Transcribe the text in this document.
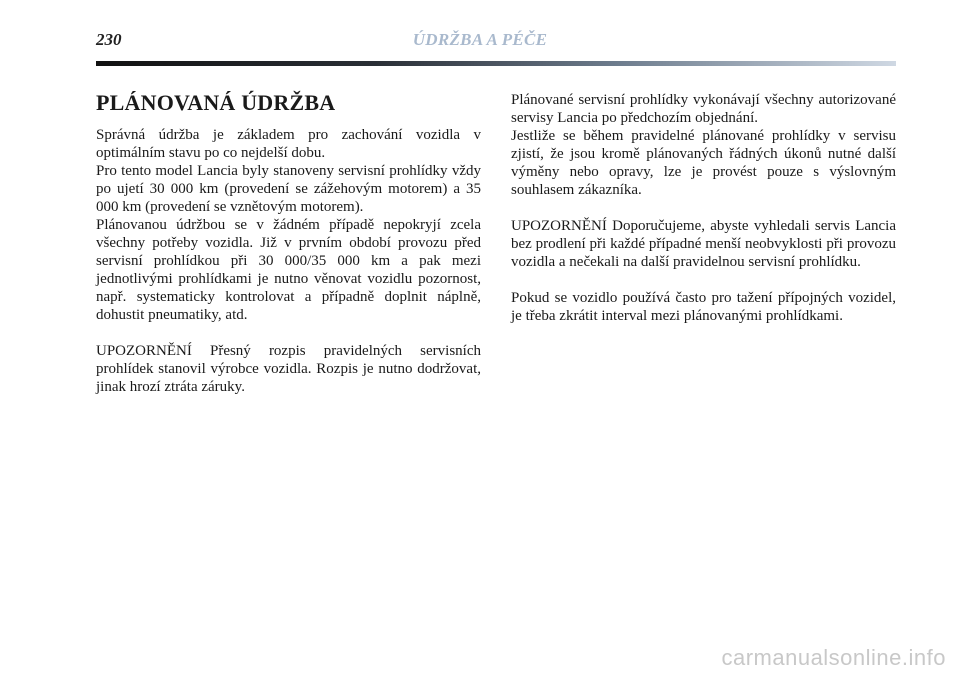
230	ÚDRŽBA A PÉČE
PLÁNOVANÁ ÚDRŽBA

Správná údržba je základem pro zachování vozidla v optimálním stavu po co nejdelší dobu.

Pro tento model Lancia byly stanoveny servisní prohlídky vždy po ujetí 30 000 km (provedení se zážehovým motorem) a 35 000 km (provedení se vznětovým motorem).

Plánovanou údržbou se v žádném případě nepokryjí zcela všechny potřeby vozidla. Již v prvním období provozu před servisní prohlídkou při 30 000/35 000 km a pak mezi jednotlivými prohlídkami je nutno věnovat vozidlu pozornost, např. systematicky kontrolovat a případně doplnit náplně, dohustit pneumatiky, atd.

UPOZORNĚNÍ Přesný rozpis pravidelných servisních prohlídek stanovil výrobce vozidla. Rozpis je nutno dodržovat, jinak hrozí ztráta záruky.

Plánované servisní prohlídky vykonávají všechny autorizované servisy Lancia po předchozím objednání.

Jestliže se během pravidelné plánované prohlídky v servisu zjistí, že jsou kromě plánovaných řádných úkonů nutné další výměny nebo opravy, lze je provést pouze s výslovným souhlasem zákazníka.

UPOZORNĚNÍ Doporučujeme, abyste vyhledali servis Lancia bez prodlení při každé případné menší neobvyklosti při provozu vozidla a nečekali na další pravidelnou servisní prohlídku.

Pokud se vozidlo používá často pro tažení přípojných vozidel, je třeba zkrátit interval mezi plánovanými prohlídkami.

carmanualsonline.info
